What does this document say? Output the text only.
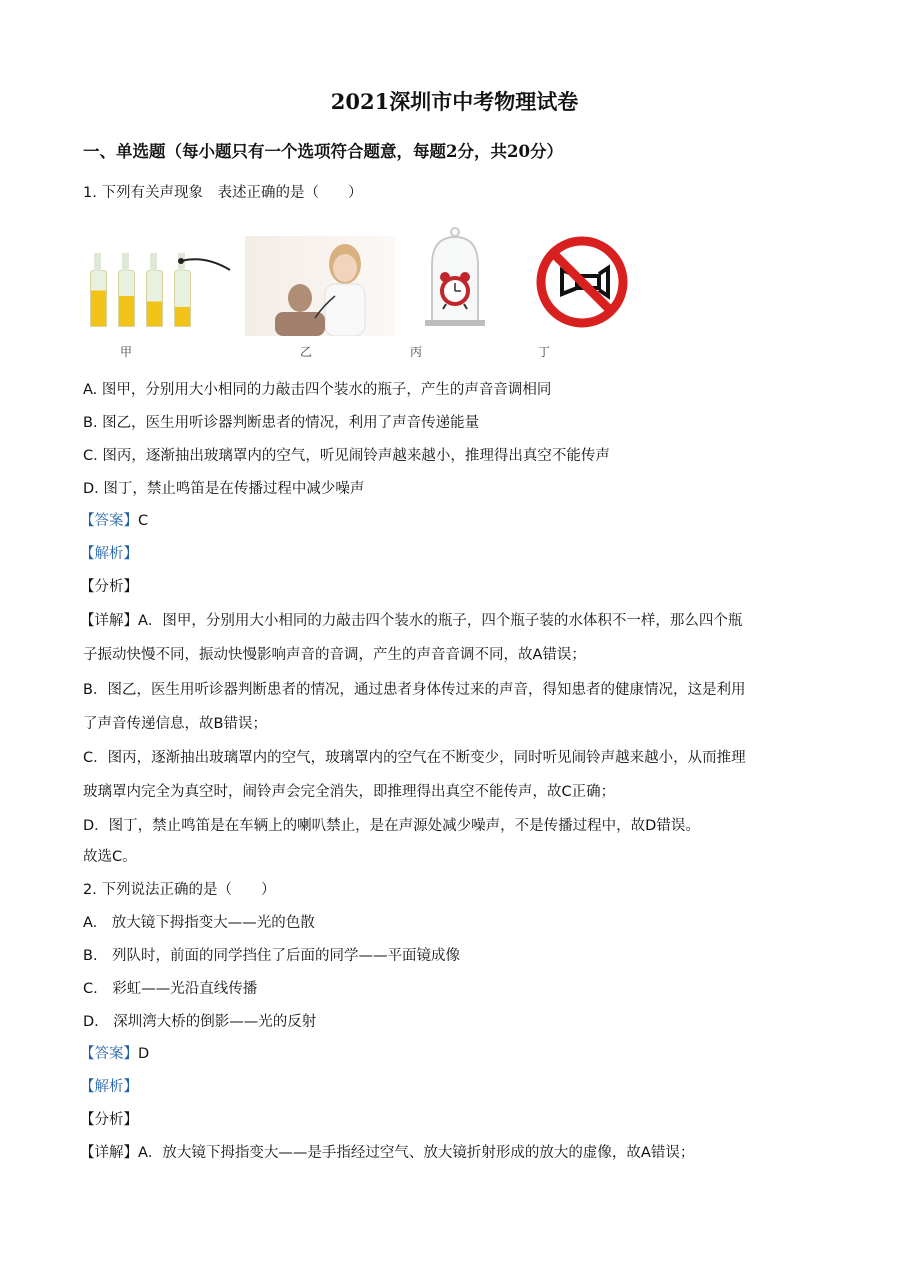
2021深圳市中考物理试卷
一、单选题（每小题只有一个选项符合题意，每题2分，共20分）
1. 下列有关声现象　表述正确的是（　　）
甲	乙	丙	丁
A. 图甲，分别用大小相同的力敲击四个装水的瓶子，产生的声音音调相同
B. 图乙，医生用听诊器判断患者的情况，利用了声音传递能量
C. 图丙，逐渐抽出玻璃罩内的空气，听见闹铃声越来越小，推理得出真空不能传声
D. 图丁，禁止鸣笛是在传播过程中减少噪声
【答案】C
【解析】
【分析】
【详解】A．图甲，分别用大小相同的力敲击四个装水的瓶子，四个瓶子装的水体积不一样，那么四个瓶
子振动快慢不同，振动快慢影响声音的音调，产生的声音音调不同，故A错误；
B．图乙，医生用听诊器判断患者的情况，通过患者身体传过来的声音，得知患者的健康情况，这是利用
了声音传递信息，故B错误；
C．图丙，逐渐抽出玻璃罩内的空气，玻璃罩内的空气在不断变少，同时听见闹铃声越来越小，从而推理
玻璃罩内完全为真空时，闹铃声会完全消失，即推理得出真空不能传声，故C正确；
D．图丁，禁止鸣笛是在车辆上的喇叭禁止，是在声源处减少噪声，不是传播过程中，故D错误。
故选C。
2. 下列说法正确的是（　　）
A.　放大镜下拇指变大——光的色散
B.　列队时，前面的同学挡住了后面的同学——平面镜成像
C.　彩虹——光沿直线传播
D.　深圳湾大桥的倒影——光的反射
【答案】D
【解析】
【分析】
【详解】A．放大镜下拇指变大——是手指经过空气、放大镜折射形成的放大的虚像，故A错误；
